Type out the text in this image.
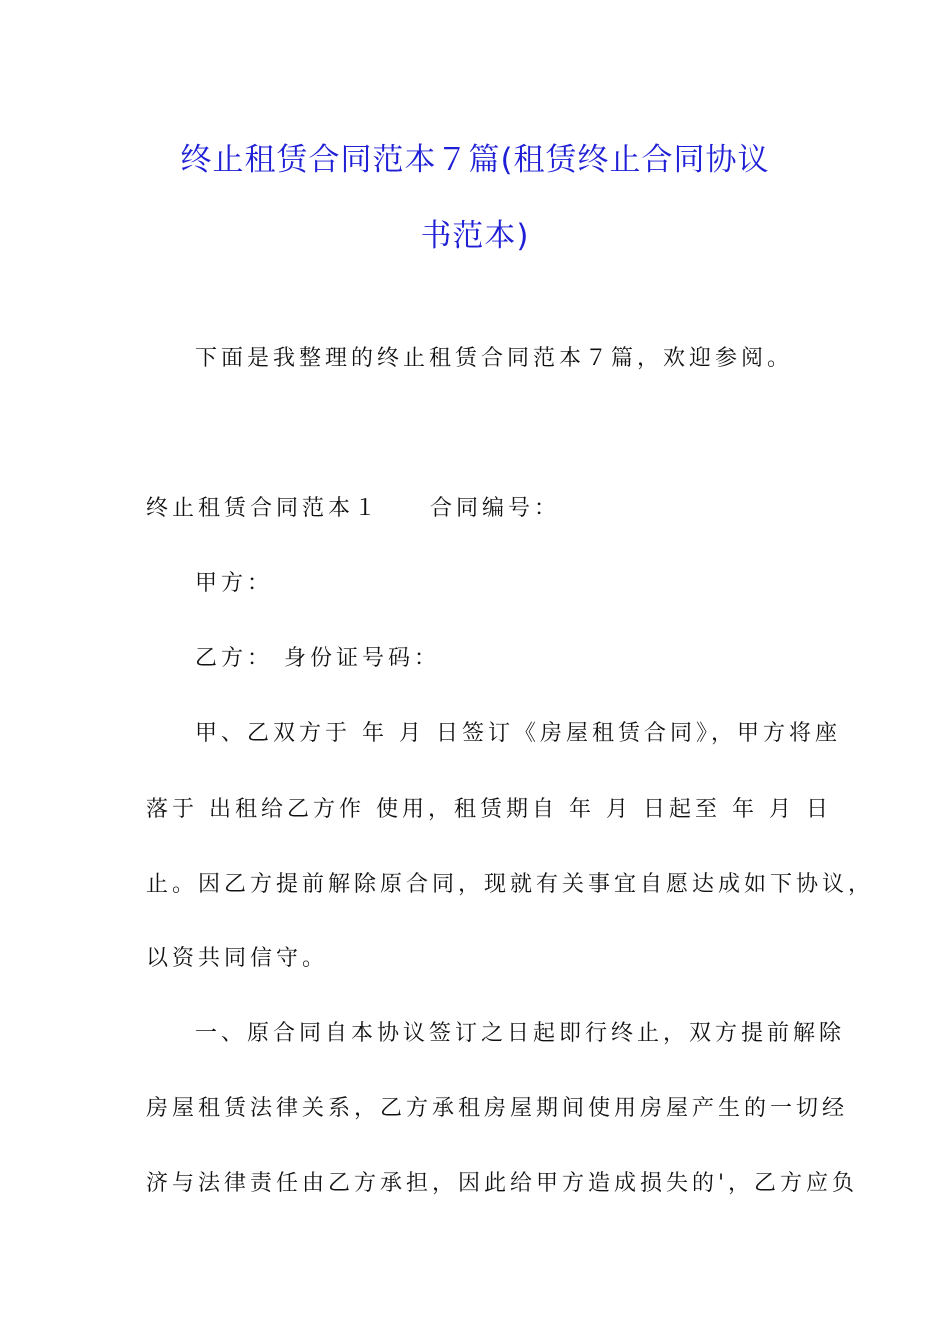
终止租赁合同范本７篇(租赁终止合同协议
书范本)
下面是我整理的终止租赁合同范本７篇，欢迎参阅。
终止租赁合同范本１ 合同编号：
甲方：
乙方： 身份证号码：
甲、乙双方于 年 月 日签订《房屋租赁合同》，甲方将座
落于 出租给乙方作 使用，租赁期自 年 月 日起至 年 月 日
止。因乙方提前解除原合同，现就有关事宜自愿达成如下协议，
以资共同信守。
一、原合同自本协议签订之日起即行终止，双方提前解除
房屋租赁法律关系，乙方承租房屋期间使用房屋产生的一切经
济与法律责任由乙方承担，因此给甲方造成损失的'，乙方应负
